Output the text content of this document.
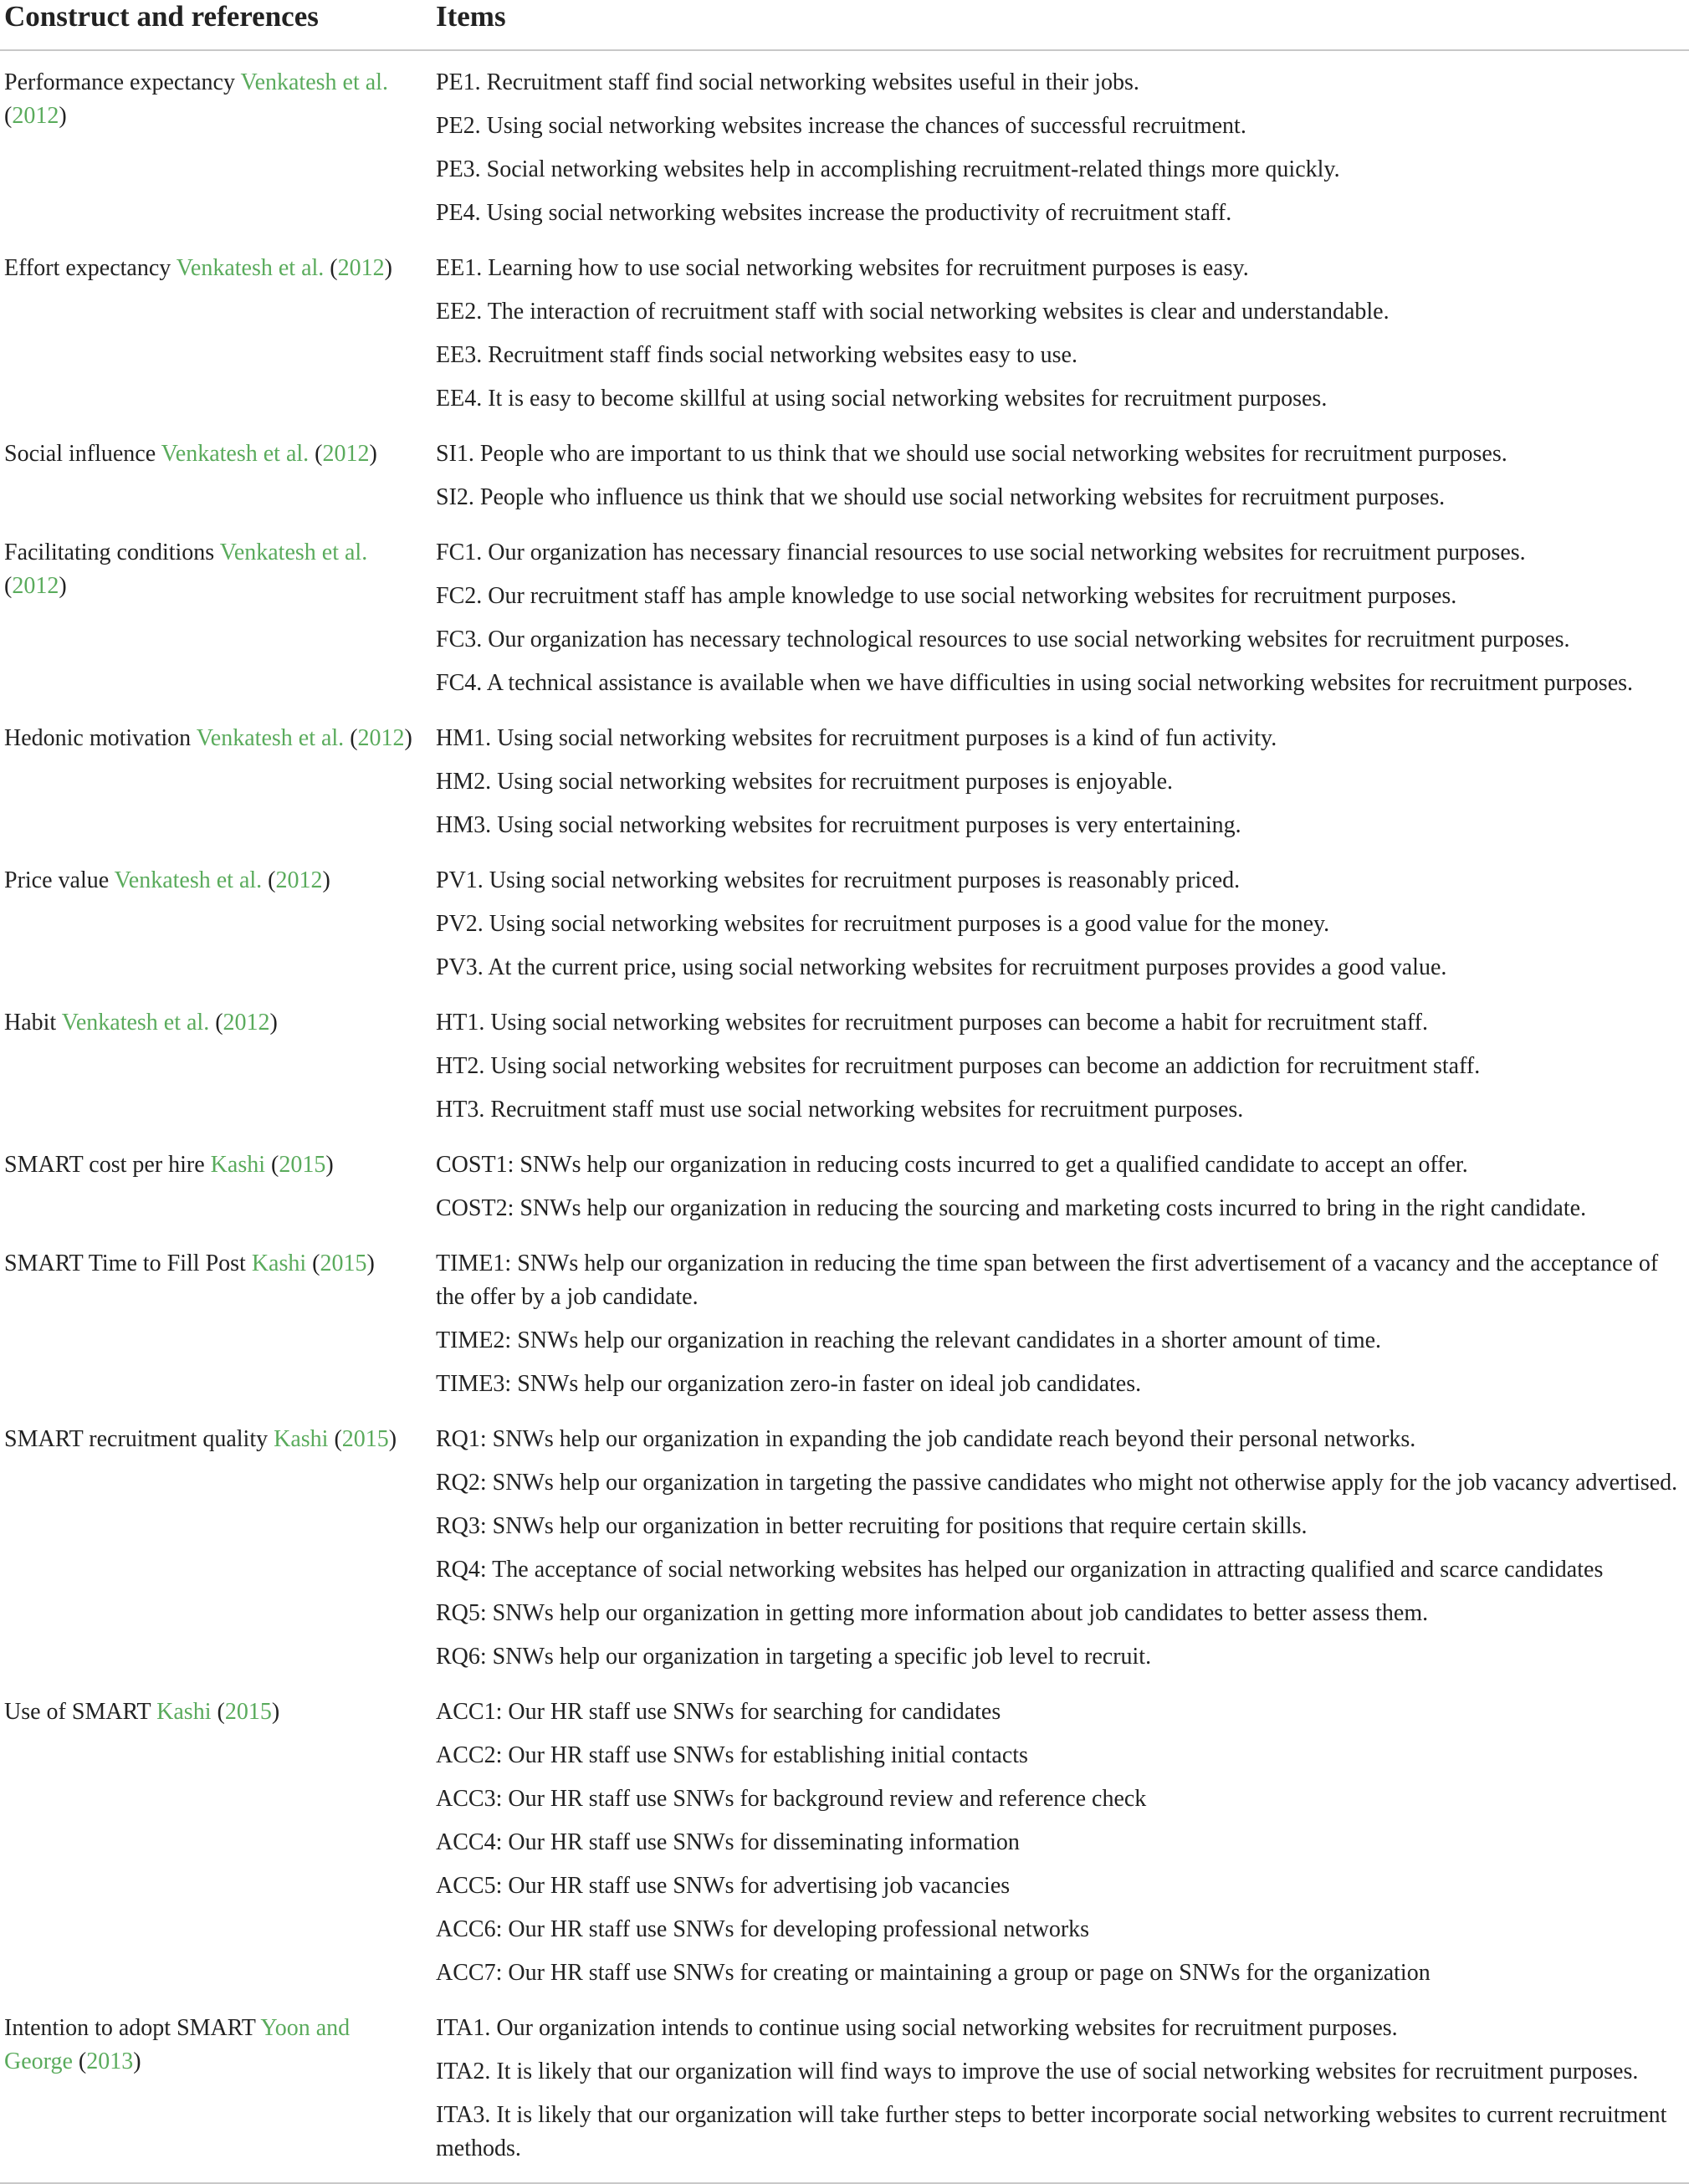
Construct and references	Items
Performance expectancy Venkatesh et al. (2012)	PE1. Recruitment staff find social networking websites useful in their jobs.
	PE2. Using social networking websites increase the chances of successful recruitment.
	PE3. Social networking websites help in accomplishing recruitment-related things more quickly.
	PE4. Using social networking websites increase the productivity of recruitment staff.
Effort expectancy Venkatesh et al. (2012)	EE1. Learning how to use social networking websites for recruitment purposes is easy.
	EE2. The interaction of recruitment staff with social networking websites is clear and understandable.
	EE3. Recruitment staff finds social networking websites easy to use.
	EE4. It is easy to become skillful at using social networking websites for recruitment purposes.
Social influence Venkatesh et al. (2012)	SI1. People who are important to us think that we should use social networking websites for recruitment purposes.
	SI2. People who influence us think that we should use social networking websites for recruitment purposes.
Facilitating conditions Venkatesh et al. (2012)	FC1. Our organization has necessary financial resources to use social networking websites for recruitment purposes.
	FC2. Our recruitment staff has ample knowledge to use social networking websites for recruitment purposes.
	FC3. Our organization has necessary technological resources to use social networking websites for recruitment purposes.
	FC4. A technical assistance is available when we have difficulties in using social networking websites for recruitment purposes.
Hedonic motivation Venkatesh et al. (2012)	HM1. Using social networking websites for recruitment purposes is a kind of fun activity.
	HM2. Using social networking websites for recruitment purposes is enjoyable.
	HM3. Using social networking websites for recruitment purposes is very entertaining.
Price value Venkatesh et al. (2012)	PV1. Using social networking websites for recruitment purposes is reasonably priced.
	PV2. Using social networking websites for recruitment purposes is a good value for the money.
	PV3. At the current price, using social networking websites for recruitment purposes provides a good value.
Habit Venkatesh et al. (2012)	HT1. Using social networking websites for recruitment purposes can become a habit for recruitment staff.
	HT2. Using social networking websites for recruitment purposes can become an addiction for recruitment staff.
	HT3. Recruitment staff must use social networking websites for recruitment purposes.
SMART cost per hire Kashi (2015)	COST1: SNWs help our organization in reducing costs incurred to get a qualified candidate to accept an offer.
	COST2: SNWs help our organization in reducing the sourcing and marketing costs incurred to bring in the right candidate.
SMART Time to Fill Post Kashi (2015)	TIME1: SNWs help our organization in reducing the time span between the first advertisement of a vacancy and the acceptance of the offer by a job candidate.
	TIME2: SNWs help our organization in reaching the relevant candidates in a shorter amount of time.
	TIME3: SNWs help our organization zero-in faster on ideal job candidates.
SMART recruitment quality Kashi (2015)	RQ1: SNWs help our organization in expanding the job candidate reach beyond their personal networks.
	RQ2: SNWs help our organization in targeting the passive candidates who might not otherwise apply for the job vacancy advertised.
	RQ3: SNWs help our organization in better recruiting for positions that require certain skills.
	RQ4: The acceptance of social networking websites has helped our organization in attracting qualified and scarce candidates
	RQ5: SNWs help our organization in getting more information about job candidates to better assess them.
	RQ6: SNWs help our organization in targeting a specific job level to recruit.
Use of SMART Kashi (2015)	ACC1: Our HR staff use SNWs for searching for candidates
	ACC2: Our HR staff use SNWs for establishing initial contacts
	ACC3: Our HR staff use SNWs for background review and reference check
	ACC4: Our HR staff use SNWs for disseminating information
	ACC5: Our HR staff use SNWs for advertising job vacancies
	ACC6: Our HR staff use SNWs for developing professional networks
	ACC7: Our HR staff use SNWs for creating or maintaining a group or page on SNWs for the organization
Intention to adopt SMART Yoon and George (2013)	ITA1. Our organization intends to continue using social networking websites for recruitment purposes.
	ITA2. It is likely that our organization will find ways to improve the use of social networking websites for recruitment purposes.
	ITA3. It is likely that our organization will take further steps to better incorporate social networking websites to current recruitment methods.
